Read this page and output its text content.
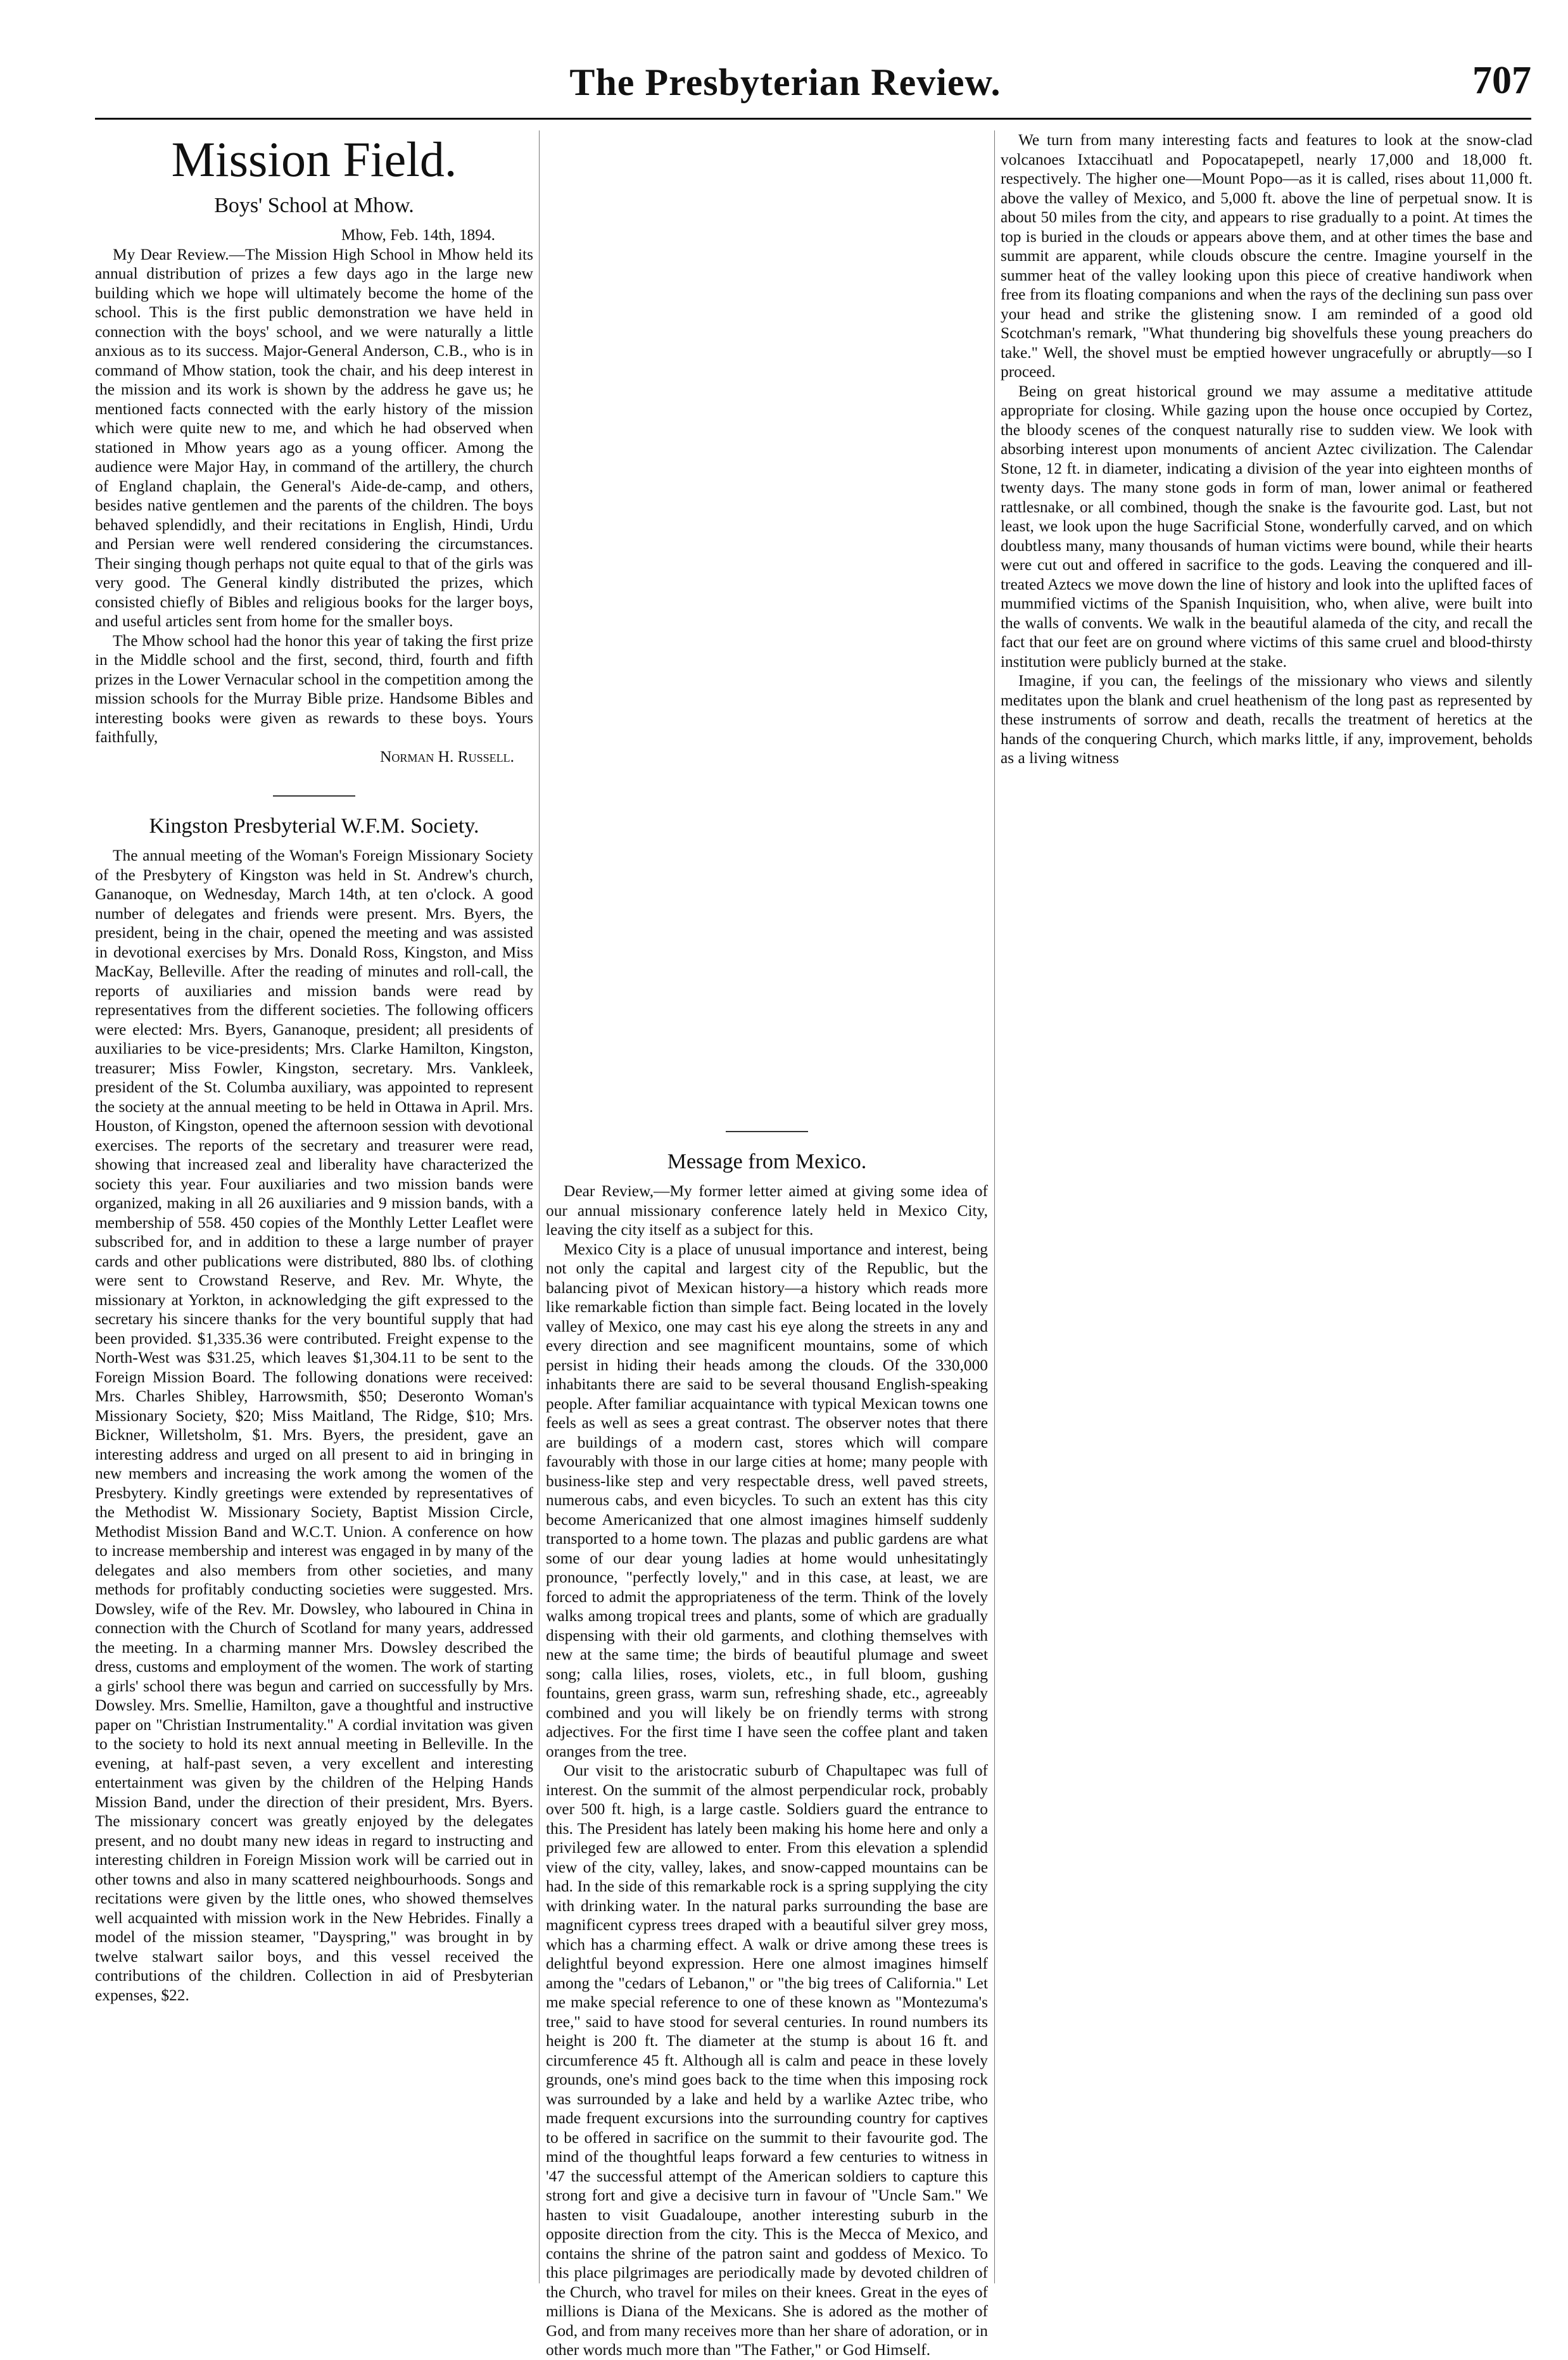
The Presbyterian Review.	707
Mission Field.
Boys' School at Mhow.
Mhow, Feb. 14th, 1894.

My Dear Review.—The Mission High School in Mhow held its annual distribution of prizes a few days ago in the large new building which we hope will ultimately become the home of the school. This is the first public demonstration we have held in connection with the boys' school, and we were naturally a little anxious as to its success. Major-General Anderson, C.B., who is in command of Mhow station, took the chair, and his deep interest in the mission and its work is shown by the address he gave us; he mentioned facts connected with the early history of the mission which were quite new to me, and which he had observed when stationed in Mhow years ago as a young officer. Among the audience were Major Hay, in command of the artillery, the church of England chaplain, the General's Aide-de-camp, and others, besides native gentlemen and the parents of the children. The boys behaved splendidly, and their recitations in English, Hindi, Urdu and Persian were well rendered considering the circumstances. Their singing though perhaps not quite equal to that of the girls was very good. The General kindly distributed the prizes, which consisted chiefly of Bibles and religious books for the larger boys, and useful articles sent from home for the smaller boys.

The Mhow school had the honor this year of taking the first prize in the Middle school and the first, second, third, fourth and fifth prizes in the Lower Vernacular school in the competition among the mission schools for the Murray Bible prize. Handsome Bibles and interesting books were given as rewards to these boys. Yours faithfully,

Norman H. Russell.
Kingston Presbyterial W.F.M. Society.

The annual meeting of the Woman's Foreign Missionary Society of the Presbytery of Kingston was held in St. Andrew's church, Gananoque, on Wednesday, March 14th, at ten o'clock. A good number of delegates and friends were present. Mrs. Byers, the president, being in the chair, opened the meeting and was assisted in devotional exercises by Mrs. Donald Ross, Kingston, and Miss MacKay, Belleville. After the reading of minutes and roll-call, the reports of auxiliaries and mission bands were read by representatives from the different societies. The following officers were elected: Mrs. Byers, Gananoque, president; all presidents of auxiliaries to be vice-presidents; Mrs. Clarke Hamilton, Kingston, treasurer; Miss Fowler, Kingston, secretary. Mrs. Vankleek, president of the St. Columba auxiliary, was appointed to represent the society at the annual meeting to be held in Ottawa in April. Mrs. Houston, of Kingston, opened the afternoon session with devotional exercises. The reports of the secretary and treasurer were read, showing that increased zeal and liberality have characterized the society this year. Four auxiliaries and two mission bands were organized, making in all 26 auxiliaries and 9 mission bands, with a membership of 558. 450 copies of the Monthly Letter Leaflet were subscribed for, and in addition to these a large number of prayer cards and other publications were distributed, 880 lbs. of clothing were sent to Crowstand Reserve, and Rev. Mr. Whyte, the missionary at Yorkton, in acknowledging the gift expressed to the secretary his sincere thanks for the very bountiful supply that had been provided. $1,335.36 were contributed. Freight expense to the North-West was $31.25, which leaves $1,304.11 to be sent to the Foreign Mission Board. The following donations were received: Mrs. Charles Shibley, Harrowsmith, $50; Deseronto Woman's Missionary Society, $20; Miss Maitland, The Ridge, $10; Mrs. Bickner, Willetsholm, $1. Mrs. Byers, the president, gave an interesting address and urged on all present to aid in bringing in new members and increasing the work among the women of the Presbytery. Kindly greetings were extended by representatives of the Methodist W. Missionary Society, Baptist Mission Circle, Methodist Mission Band and W.C.T. Union. A conference on how to increase membership and interest was engaged in by many of the delegates and also members from other societies, and many methods for profitably conducting societies were suggested. Mrs. Dowsley, wife of the Rev. Mr. Dowsley, who laboured in China in connection with the Church of Scotland for many years, addressed the meeting. In a charming manner Mrs. Dowsley described the dress, customs and employment of the women. The work of starting a girls' school there was begun and carried on successfully by Mrs. Dowsley. Mrs. Smellie, Hamilton, gave a thoughtful and instructive paper on "Christian Instrumentality." A cordial invitation was given to the society to hold its next annual meeting in Belleville. In the evening, at half-past seven, a very excellent and interesting entertainment was given by the children of the Helping Hands Mission Band, under the direction of their president, Mrs. Byers. The missionary concert was greatly enjoyed by the delegates present, and no doubt many new ideas in regard to instructing and interesting children in Foreign Mission work will be carried out in other towns and also in many scattered neighbourhoods. Songs and recitations were given by the little ones, who showed themselves well acquainted with mission work in the New Hebrides. Finally a model of the mission steamer, "Dayspring," was brought in by twelve stalwart sailor boys, and this vessel received the contributions of the children. Collection in aid of Presbyterian expenses, $22.

Message from Mexico.

Dear Review,—My former letter aimed at giving some idea of our annual missionary conference lately held in Mexico City, leaving the city itself as a subject for this.

Mexico City is a place of unusual importance and interest, being not only the capital and largest city of the Republic, but the balancing pivot of Mexican history—a history which reads more like remarkable fiction than simple fact. Being located in the lovely valley of Mexico, one may cast his eye along the streets in any and every direction and see magnificent mountains, some of which persist in hiding their heads among the clouds. Of the 330,000 inhabitants there are said to be several thousand English-speaking people. After familiar acquaintance with typical Mexican towns one feels as well as sees a great contrast. The observer notes that there are buildings of a modern cast, stores which will compare favourably with those in our large cities at home; many people with business-like step and very respectable dress, well paved streets, numerous cabs, and even bicycles. To such an extent has this city become Americanized that one almost imagines himself suddenly transported to a home town. The plazas and public gardens are what some of our dear young ladies at home would unhesitatingly pronounce, "perfectly lovely," and in this case, at least, we are forced to admit the appropriateness of the term. Think of the lovely walks among tropical trees and plants, some of which are gradually dispensing with their old garments, and clothing themselves with new at the same time; the birds of beautiful plumage and sweet song; calla lilies, roses, violets, etc., in full bloom, gushing fountains, green grass, warm sun, refreshing shade, etc., agreeably combined and you will likely be on friendly terms with strong adjectives. For the first time I have seen the coffee plant and taken oranges from the tree.

Our visit to the aristocratic suburb of Chapultapec was full of interest. On the summit of the almost perpendicular rock, probably over 500 ft. high, is a large castle. Soldiers guard the entrance to this. The President has lately been making his home here and only a privileged few are allowed to enter. From this elevation a splendid view of the city, valley, lakes, and snow-capped mountains can be had. In the side of this remarkable rock is a spring supplying the city with drinking water. In the natural parks surrounding the base are magnificent cypress trees draped with a beautiful silver grey moss, which has a charming effect. A walk or drive among these trees is delightful beyond expression. Here one almost imagines himself among the "cedars of Lebanon," or "the big trees of California." Let me make special reference to one of these known as "Montezuma's tree," said to have stood for several centuries. In round numbers its height is 200 ft. The diameter at the stump is about 16 ft. and circumference 45 ft. Although all is calm and peace in these lovely grounds, one's mind goes back to the time when this imposing rock was surrounded by a lake and held by a warlike Aztec tribe, who made frequent excursions into the surrounding country for captives to be offered in sacrifice on the summit to their favourite god. The mind of the thoughtful leaps forward a few centuries to witness in '47 the successful attempt of the American soldiers to capture this strong fort and give a decisive turn in favour of "Uncle Sam." We hasten to visit Guadaloupe, another interesting suburb in the opposite direction from the city. This is the Mecca of Mexico, and contains the shrine of the patron saint and goddess of Mexico. To this place pilgrimages are periodically made by devoted children of the Church, who travel for miles on their knees. Great in the eyes of millions is Diana of the Mexicans. She is adored as the mother of God, and from many receives more than her share of adoration, or in other words much more than "The Father," or God Himself.

We turn from many interesting facts and features to look at the snow-clad volcanoes Ixtaccihuatl and Popocatapepetl, nearly 17,000 and 18,000 ft. respectively. The higher one—Mount Popo—as it is called, rises about 11,000 ft. above the valley of Mexico, and 5,000 ft. above the line of perpetual snow. It is about 50 miles from the city, and appears to rise gradually to a point. At times the top is buried in the clouds or appears above them, and at other times the base and summit are apparent, while clouds obscure the centre. Imagine yourself in the summer heat of the valley looking upon this piece of creative handiwork when free from its floating companions and when the rays of the declining sun pass over your head and strike the glistening snow. I am reminded of a good old Scotchman's remark, "What thundering big shovelfuls these young preachers do take." Well, the shovel must be emptied however ungracefully or abruptly—so I proceed.

Being on great historical ground we may assume a meditative attitude appropriate for closing. While gazing upon the house once occupied by Cortez, the bloody scenes of the conquest naturally rise to sudden view. We look with absorbing interest upon monuments of ancient Aztec civilization. The Calendar Stone, 12 ft. in diameter, indicating a division of the year into eighteen months of twenty days. The many stone gods in form of man, lower animal or feathered rattlesnake, or all combined, though the snake is the favourite god. Last, but not least, we look upon the huge Sacrificial Stone, wonderfully carved, and on which doubtless many, many thousands of human victims were bound, while their hearts were cut out and offered in sacrifice to the gods. Leaving the conquered and ill-treated Aztecs we move down the line of history and look into the uplifted faces of mummified victims of the Spanish Inquisition, who, when alive, were built into the walls of convents. We walk in the beautiful alameda of the city, and recall the fact that our feet are on ground where victims of this same cruel and blood-thirsty institution were publicly burned at the stake.

Imagine, if you can, the feelings of the missionary who views and silently meditates upon the blank and cruel heathenism of the long past as represented by these instruments of sorrow and death, recalls the treatment of heretics at the hands of the conquering Church, which marks little, if any, improvement, beholds as a living witness
